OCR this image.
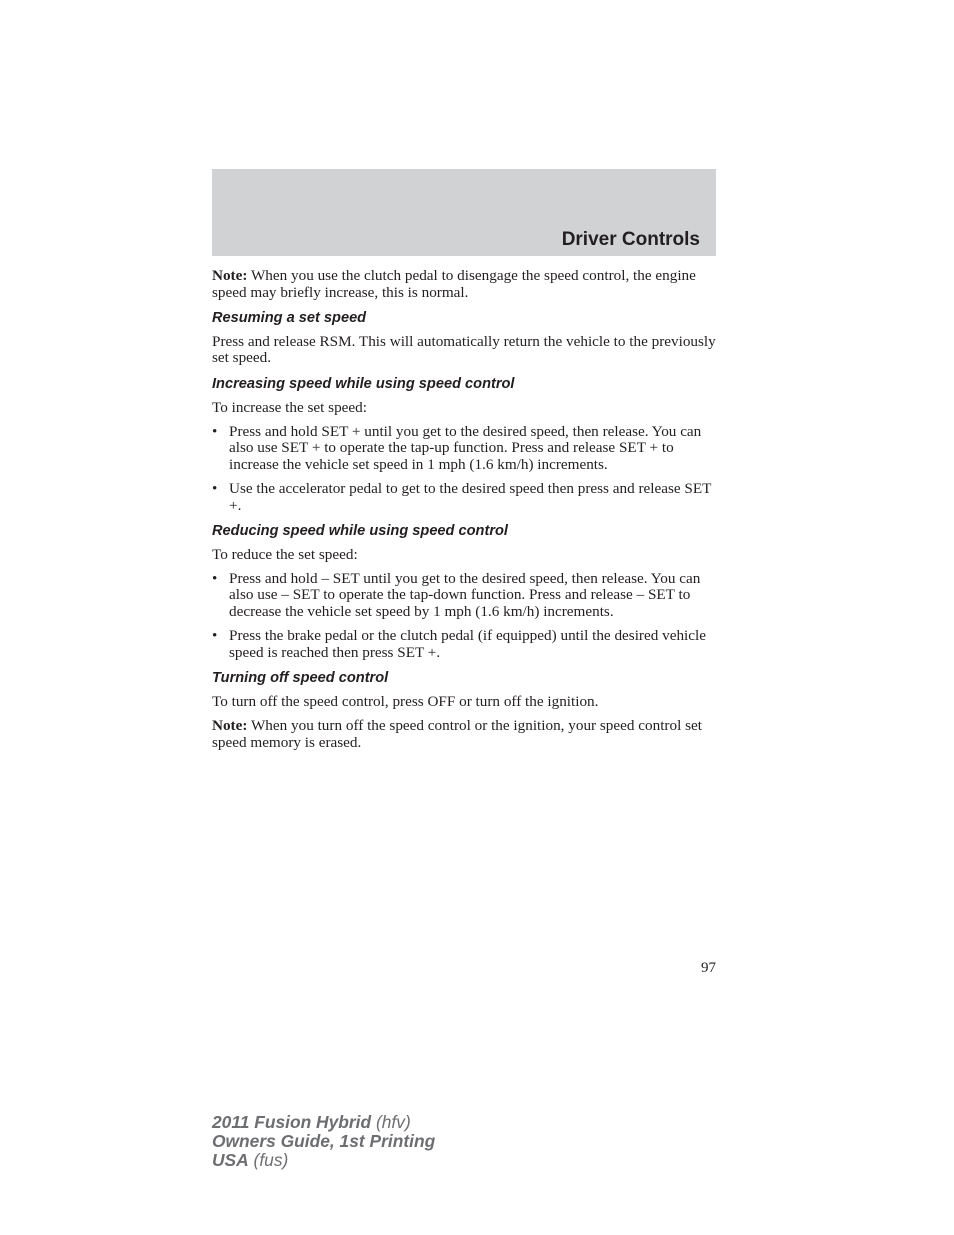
Driver Controls

Note: When you use the clutch pedal to disengage the speed control, the engine speed may briefly increase, this is normal.

Resuming a set speed

Press and release RSM. This will automatically return the vehicle to the previously set speed.

Increasing speed while using speed control

To increase the set speed:

• Press and hold SET + until you get to the desired speed, then release. You can also use SET + to operate the tap-up function. Press and release SET + to increase the vehicle set speed in 1 mph (1.6 km/h) increments.
• Use the accelerator pedal to get to the desired speed then press and release SET +.
Reducing speed while using speed control

To reduce the set speed:

• Press and hold – SET until you get to the desired speed, then release. You can also use – SET to operate the tap-down function. Press and release – SET to decrease the vehicle set speed by 1 mph (1.6 km/h) increments.
• Press the brake pedal or the clutch pedal (if equipped) until the desired vehicle speed is reached then press SET +.
Turning off speed control

To turn off the speed control, press OFF or turn off the ignition.

Note: When you turn off the speed control or the ignition, your speed control set speed memory is erased.

97
2011 Fusion Hybrid (hfv)
Owners Guide, 1st Printing
USA (fus)
